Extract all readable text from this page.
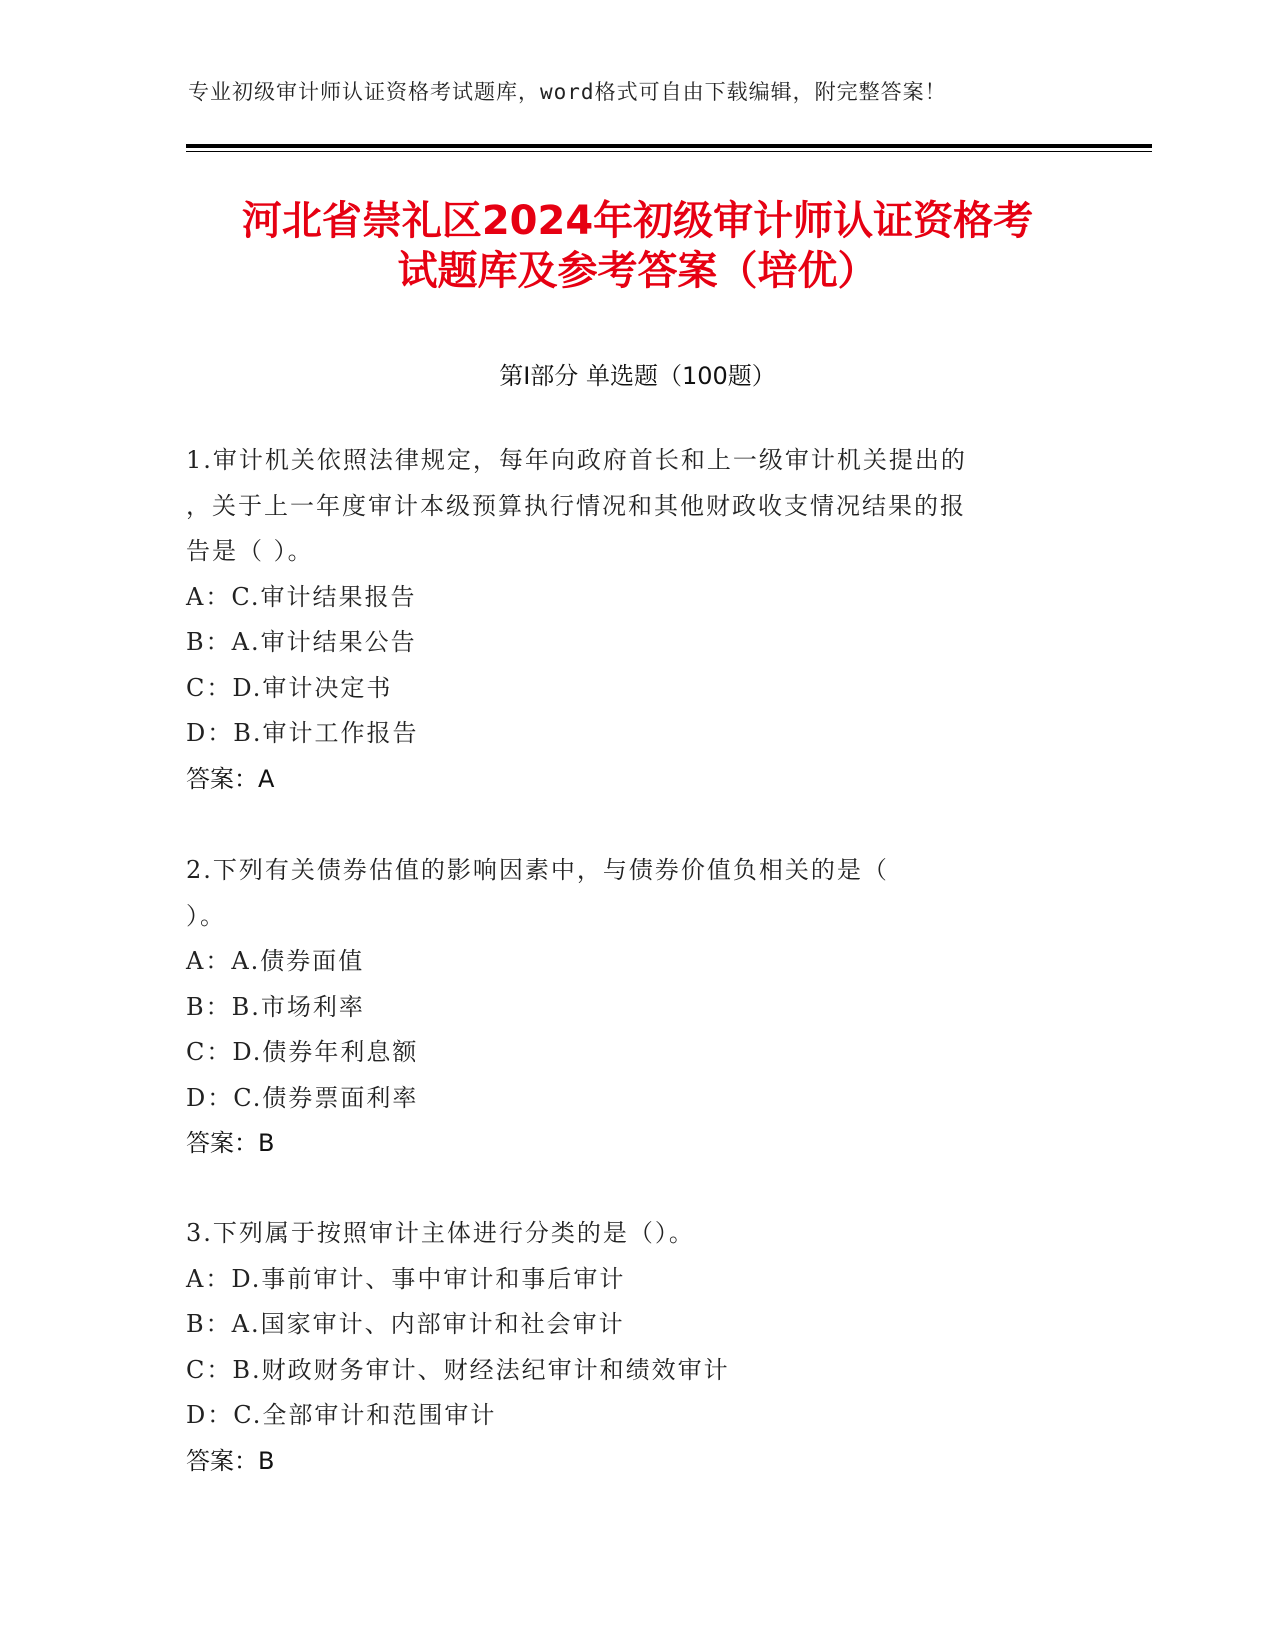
专业初级审计师认证资格考试题库，word格式可自由下载编辑，附完整答案！
河北省崇礼区2024年初级审计师认证资格考
试题库及参考答案（培优）
第Ⅰ部分 单选题（100题）
1.审计机关依照法律规定，每年向政府首长和上一级审计机关提出的
，关于上一年度审计本级预算执行情况和其他财政收支情况结果的报
告是（ ）。
A：C.审计结果报告
B：A.审计结果公告
C：D.审计决定书
D：B.审计工作报告
答案：A
2.下列有关债券估值的影响因素中，与债券价值负相关的是（
）。
A：A.债券面值
B：B.市场利率
C：D.债券年利息额
D：C.债券票面利率
答案：B
3.下列属于按照审计主体进行分类的是（）。
A：D.事前审计、事中审计和事后审计
B：A.国家审计、内部审计和社会审计
C：B.财政财务审计、财经法纪审计和绩效审计
D：C.全部审计和范围审计
答案：B
